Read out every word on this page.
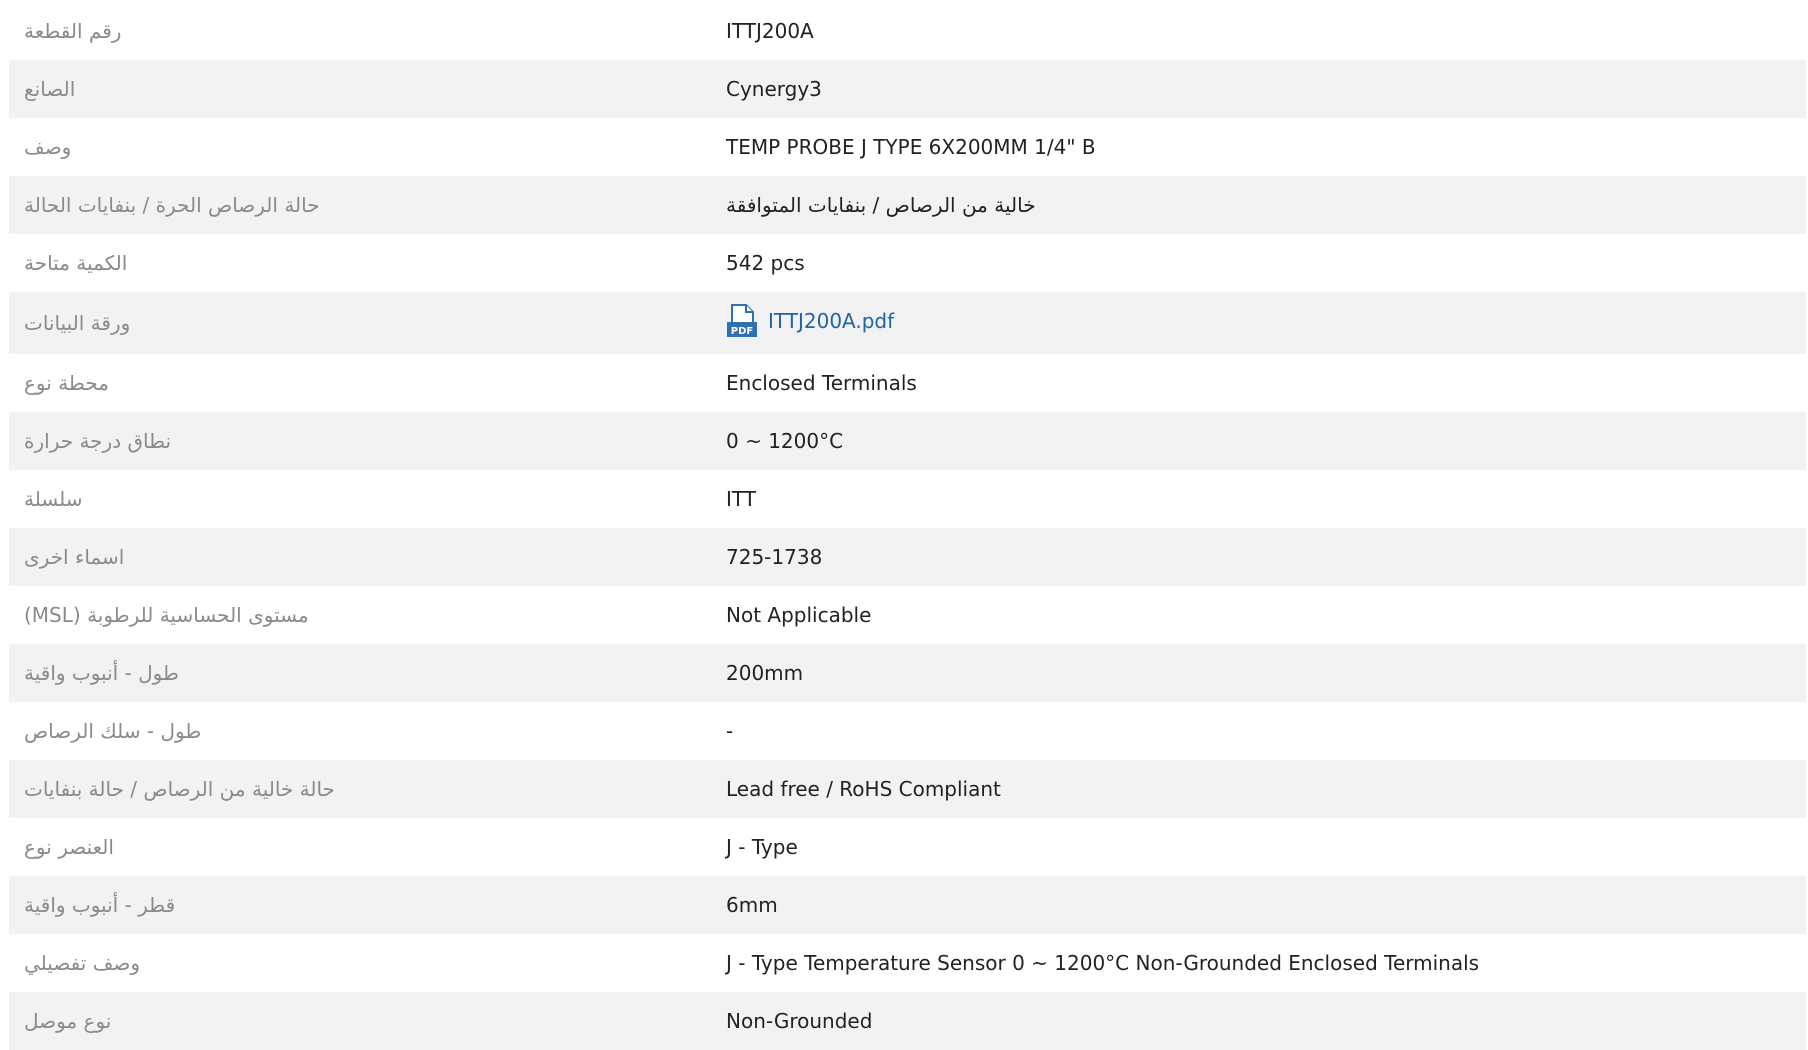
رقم القطعة	ITTJ200A
الصانع	Cynergy3
وصف	TEMP PROBE J TYPE 6X200MM 1/4" B
حالة الرصاص الحرة / بنفايات الحالة	خالية من الرصاص / بنفايات المتوافقة
الكمية متاحة	542 pcs
ورقة البيانات	PDF ITTJ200A.pdf

محطة نوع	Enclosed Terminals
نطاق درجة حرارة	0 ~ 1200°C
سلسلة	ITT
اسماء اخرى	725-1738
(MSL) مستوى الحساسية للرطوبة	Not Applicable
طول - أنبوب واقية	200mm
طول - سلك الرصاص	-
حالة خالية من الرصاص / حالة بنفايات	Lead free / RoHS Compliant
العنصر نوع	J - Type
قطر - أنبوب واقية	6mm
وصف تفصيلي	J - Type Temperature Sensor 0 ~ 1200°C Non-Grounded Enclosed Terminals
نوع موصل	Non-Grounded
